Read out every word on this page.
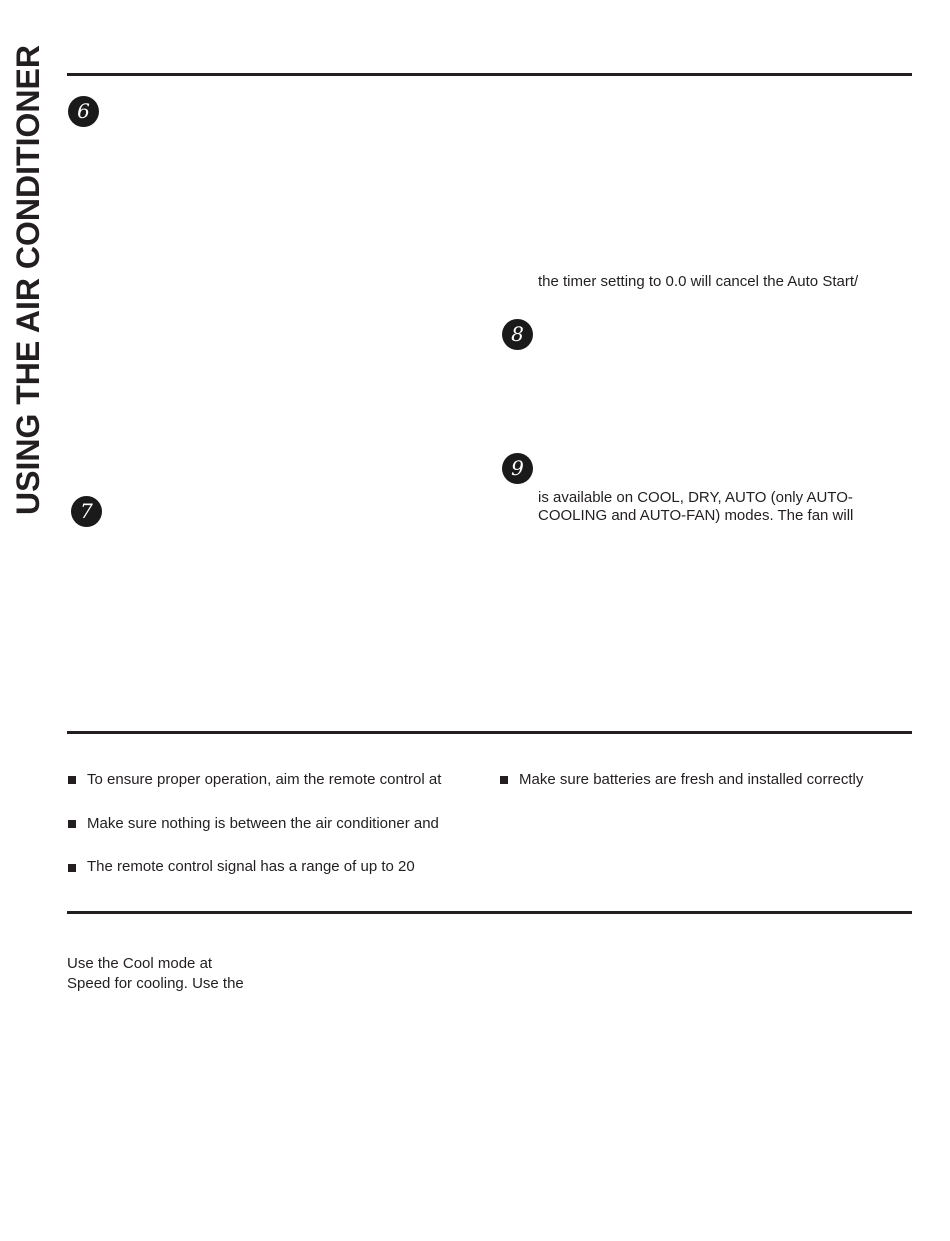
USING THE AIR CONDITIONER	6
7
8
9
the timer setting to 0.0 will cancel the Auto Start/
is available on COOL, DRY, AUTO (only AUTO-
COOLING and AUTO-FAN) modes. The fan will
To ensure proper operation, aim the remote control at
Make sure nothing is between the air conditioner and
The remote control signal has a range of up to 20
Make sure batteries are fresh and installed correctly
Use the Cool mode at
Speed for cooling. Use the
